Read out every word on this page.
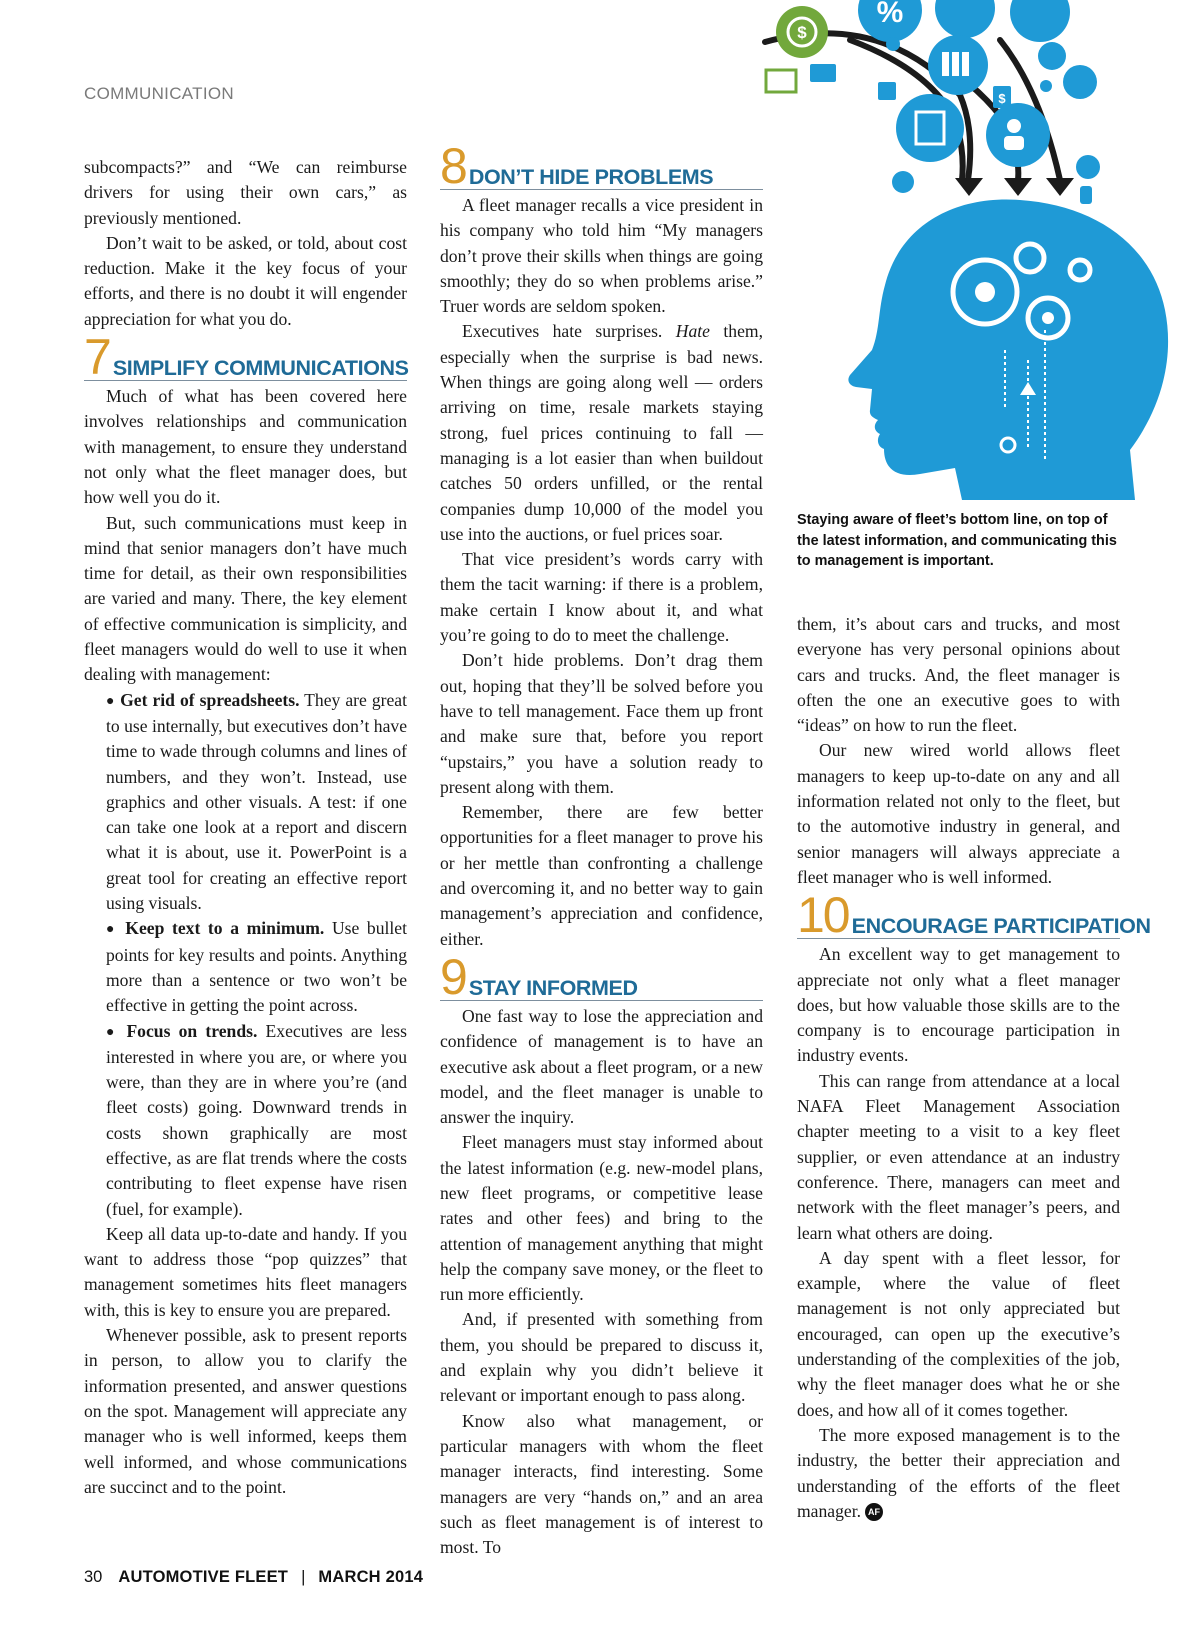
COMMUNICATION
$
%
$
Staying aware of fleet’s bottom line, on top of the latest information, and communicating this to management is important.

subcompacts?” and “We can reimburse drivers for using their own cars,” as previously mentioned.

Don’t wait to be asked, or told, about cost reduction. Make it the key focus of your efforts, and there is no doubt it will engender appreciation for what you do.

7 SIMPLIFY COMMUNICATIONS

Much of what has been covered here involves relationships and communication with management, to ensure they understand not only what the fleet manager does, but how well you do it.

But, such communications must keep in mind that senior managers don’t have much time for detail, as their own responsibilities are varied and many. There, the key element of effective communication is simplicity, and fleet managers would do well to use it when dealing with management:

● Get rid of spreadsheets. They are great to use internally, but executives don’t have time to wade through columns and lines of numbers, and they won’t. Instead, use graphics and other visuals. A test: if one can take one look at a report and discern what it is about, use it. PowerPoint is a great tool for creating an effective report using visuals.

● Keep text to a minimum. Use bullet points for key results and points. Anything more than a sentence or two won’t be effective in getting the point across.

● Focus on trends. Executives are less interested in where you are, or where you were, than they are in where you’re (and fleet costs) going. Downward trends in costs shown graphically are most effective, as are flat trends where the costs contributing to fleet expense have risen (fuel, for example).

Keep all data up-to-date and handy. If you want to address those “pop quizzes” that management sometimes hits fleet managers with, this is key to ensure you are prepared.

Whenever possible, ask to present reports in person, to allow you to clarify the information presented, and answer questions on the spot. Management will appreciate any manager who is well informed, keeps them well informed, and whose communications are succinct and to the point.

8 DON’T HIDE PROBLEMS

A fleet manager recalls a vice president in his company who told him “My managers don’t prove their skills when things are going smoothly; they do so when problems arise.” Truer words are seldom spoken.

Executives hate surprises. Hate them, especially when the surprise is bad news. When things are going along well — orders arriving on time, resale markets staying strong, fuel prices continuing to fall — managing is a lot easier than when buildout catches 50 orders unfilled, or the rental companies dump 10,000 of the model you use into the auctions, or fuel prices soar.

That vice president’s words carry with them the tacit warning: if there is a problem, make certain I know about it, and what you’re going to do to meet the challenge.

Don’t hide problems. Don’t drag them out, hoping that they’ll be solved before you have to tell management. Face them up front and make sure that, before you report “upstairs,” you have a solution ready to present along with them.

Remember, there are few better opportunities for a fleet manager to prove his or her mettle than confronting a challenge and overcoming it, and no better way to gain management’s appreciation and confidence, either.

9 STAY INFORMED

One fast way to lose the appreciation and confidence of management is to have an executive ask about a fleet program, or a new model, and the fleet manager is unable to answer the inquiry.

Fleet managers must stay informed about the latest information (e.g. new-model plans, new fleet programs, or competitive lease rates and other fees) and bring to the attention of management anything that might help the company save money, or the fleet to run more efficiently.

And, if presented with something from them, you should be prepared to discuss it, and explain why you didn’t believe it relevant or important enough to pass along.

Know also what management, or particular managers with whom the fleet manager interacts, find interesting. Some managers are very “hands on,” and an area such as fleet management is of interest to most. To

them, it’s about cars and trucks, and most everyone has very personal opinions about cars and trucks. And, the fleet manager is often the one an executive goes to with “ideas” on how to run the fleet.

Our new wired world allows fleet managers to keep up-to-date on any and all information related not only to the fleet, but to the automotive industry in general, and senior managers will always appreciate a fleet manager who is well informed.

10 ENCOURAGE PARTICIPATION

An excellent way to get management to appreciate not only what a fleet manager does, but how valuable those skills are to the company is to encourage participation in industry events.

This can range from attendance at a local NAFA Fleet Management Association chapter meeting to a visit to a key fleet supplier, or even attendance at an industry conference. There, managers can meet and network with the fleet manager’s peers, and learn what others are doing.

A day spent with a fleet lessor, for example, where the value of fleet management is not only appreciated but encouraged, can open up the executive’s understanding of the complexities of the job, why the fleet manager does what he or she does, and how all of it comes together.

The more exposed management is to the industry, the better their appreciation and understanding of the efforts of the fleet manager. AF

30 AUTOMOTIVE FLEET | MARCH 2014
